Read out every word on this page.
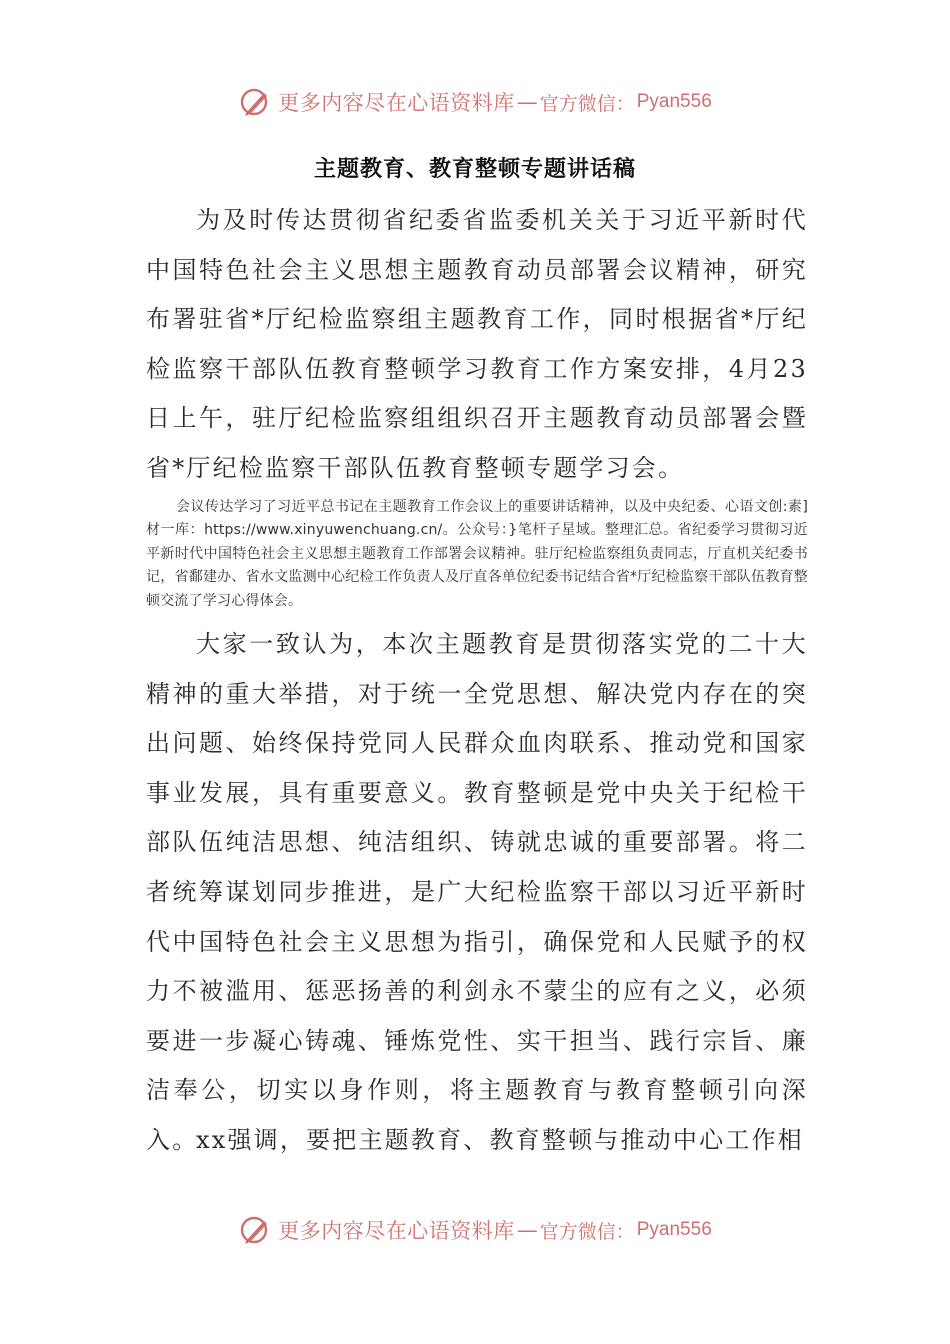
更多内容尽在心语资料库 — 官方微信： Pyan556
主题教育、教育整顿专题讲话稿

为及时传达贯彻省纪委省监委机关关于习近平新时代中国特色社会主义思想主题教育动员部署会议精神，研究布署驻省*厅纪检监察组主题教育工作，同时根据省*厅纪检监察干部队伍教育整顿学习教育工作方案安排，4月23日上午，驻厅纪检监察组组织召开主题教育动员部署会暨省*厅纪检监察干部队伍教育整顿专题学习会。

会议传达学习了习近平总书记在主题教育工作会议上的重要讲话精神，以及中央纪委、心语文创:素]材一库：https://www.xinyuwenchuang.cn/。公众号：}笔杆子星域。整理汇总。省纪委学习贯彻习近平新时代中国特色社会主义思想主题教育工作部署会议精神。驻厅纪检监察组负责同志，厅直机关纪委书记，省鄱建办、省水文监测中心纪检工作负责人及厅直各单位纪委书记结合省*厅纪检监察干部队伍教育整顿交流了学习心得体会。

大家一致认为，本次主题教育是贯彻落实党的二十大精神的重大举措，对于统一全党思想、解决党内存在的突出问题、始终保持党同人民群众血肉联系、推动党和国家事业发展，具有重要意义。教育整顿是党中央关于纪检干部队伍纯洁思想、纯洁组织、铸就忠诚的重要部署。将二者统筹谋划同步推进，是广大纪检监察干部以习近平新时代中国特色社会主义思想为指引，确保党和人民赋予的权力不被滥用、惩恶扬善的利剑永不蒙尘的应有之义，必须要进一步凝心铸魂、锤炼党性、实干担当、践行宗旨、廉洁奉公，切实以身作则，将主题教育与教育整顿引向深入。

xx强调，要把主题教育、教育整顿与推动中心工作相

更多内容尽在心语资料库 — 官方微信： Pyan556
